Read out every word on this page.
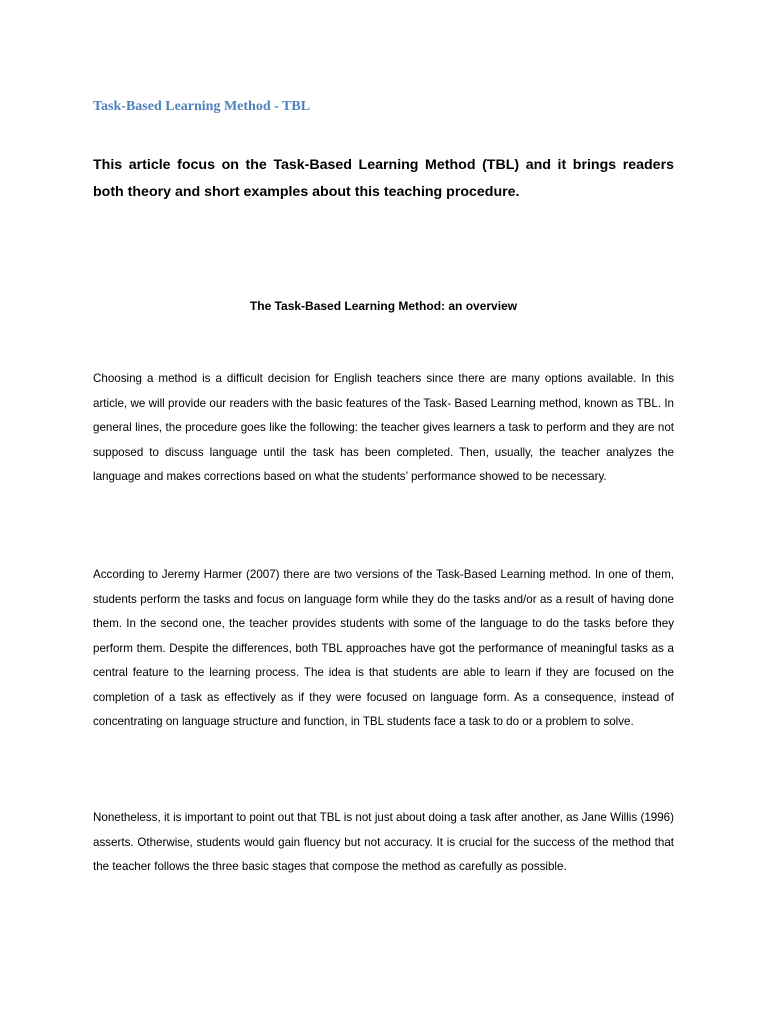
Task-Based Learning Method - TBL

This article focus on the Task-Based Learning Method (TBL) and it brings readers both theory and short examples about this teaching procedure.

The Task-Based Learning Method: an overview

Choosing a method is a difficult decision for English teachers since there are many options available. In this article, we will provide our readers with the basic features of the Task- Based Learning method, known as TBL. In general lines, the procedure goes like the following: the teacher gives learners a task to perform and they are not supposed to discuss language until the task has been completed. Then, usually, the teacher analyzes the language and makes corrections based on what the students’ performance showed to be necessary.

According to Jeremy Harmer (2007) there are two versions of the Task-Based Learning method. In one of them, students perform the tasks and focus on language form while they do the tasks and/or as a result of having done them. In the second one, the teacher provides students with some of the language to do the tasks before they perform them. Despite the differences, both TBL approaches have got the performance of meaningful tasks as a central feature to the learning process. The idea is that students are able to learn if they are focused on the completion of a task as effectively as if they were focused on language form. As a consequence, instead of concentrating on language structure and function, in TBL students face a task to do or a problem to solve.

Nonetheless, it is important to point out that TBL is not just about doing a task after another, as Jane Willis (1996) asserts. Otherwise, students would gain fluency but not accuracy. It is crucial for the success of the method that the teacher follows the three basic stages that compose the method as carefully as possible.
